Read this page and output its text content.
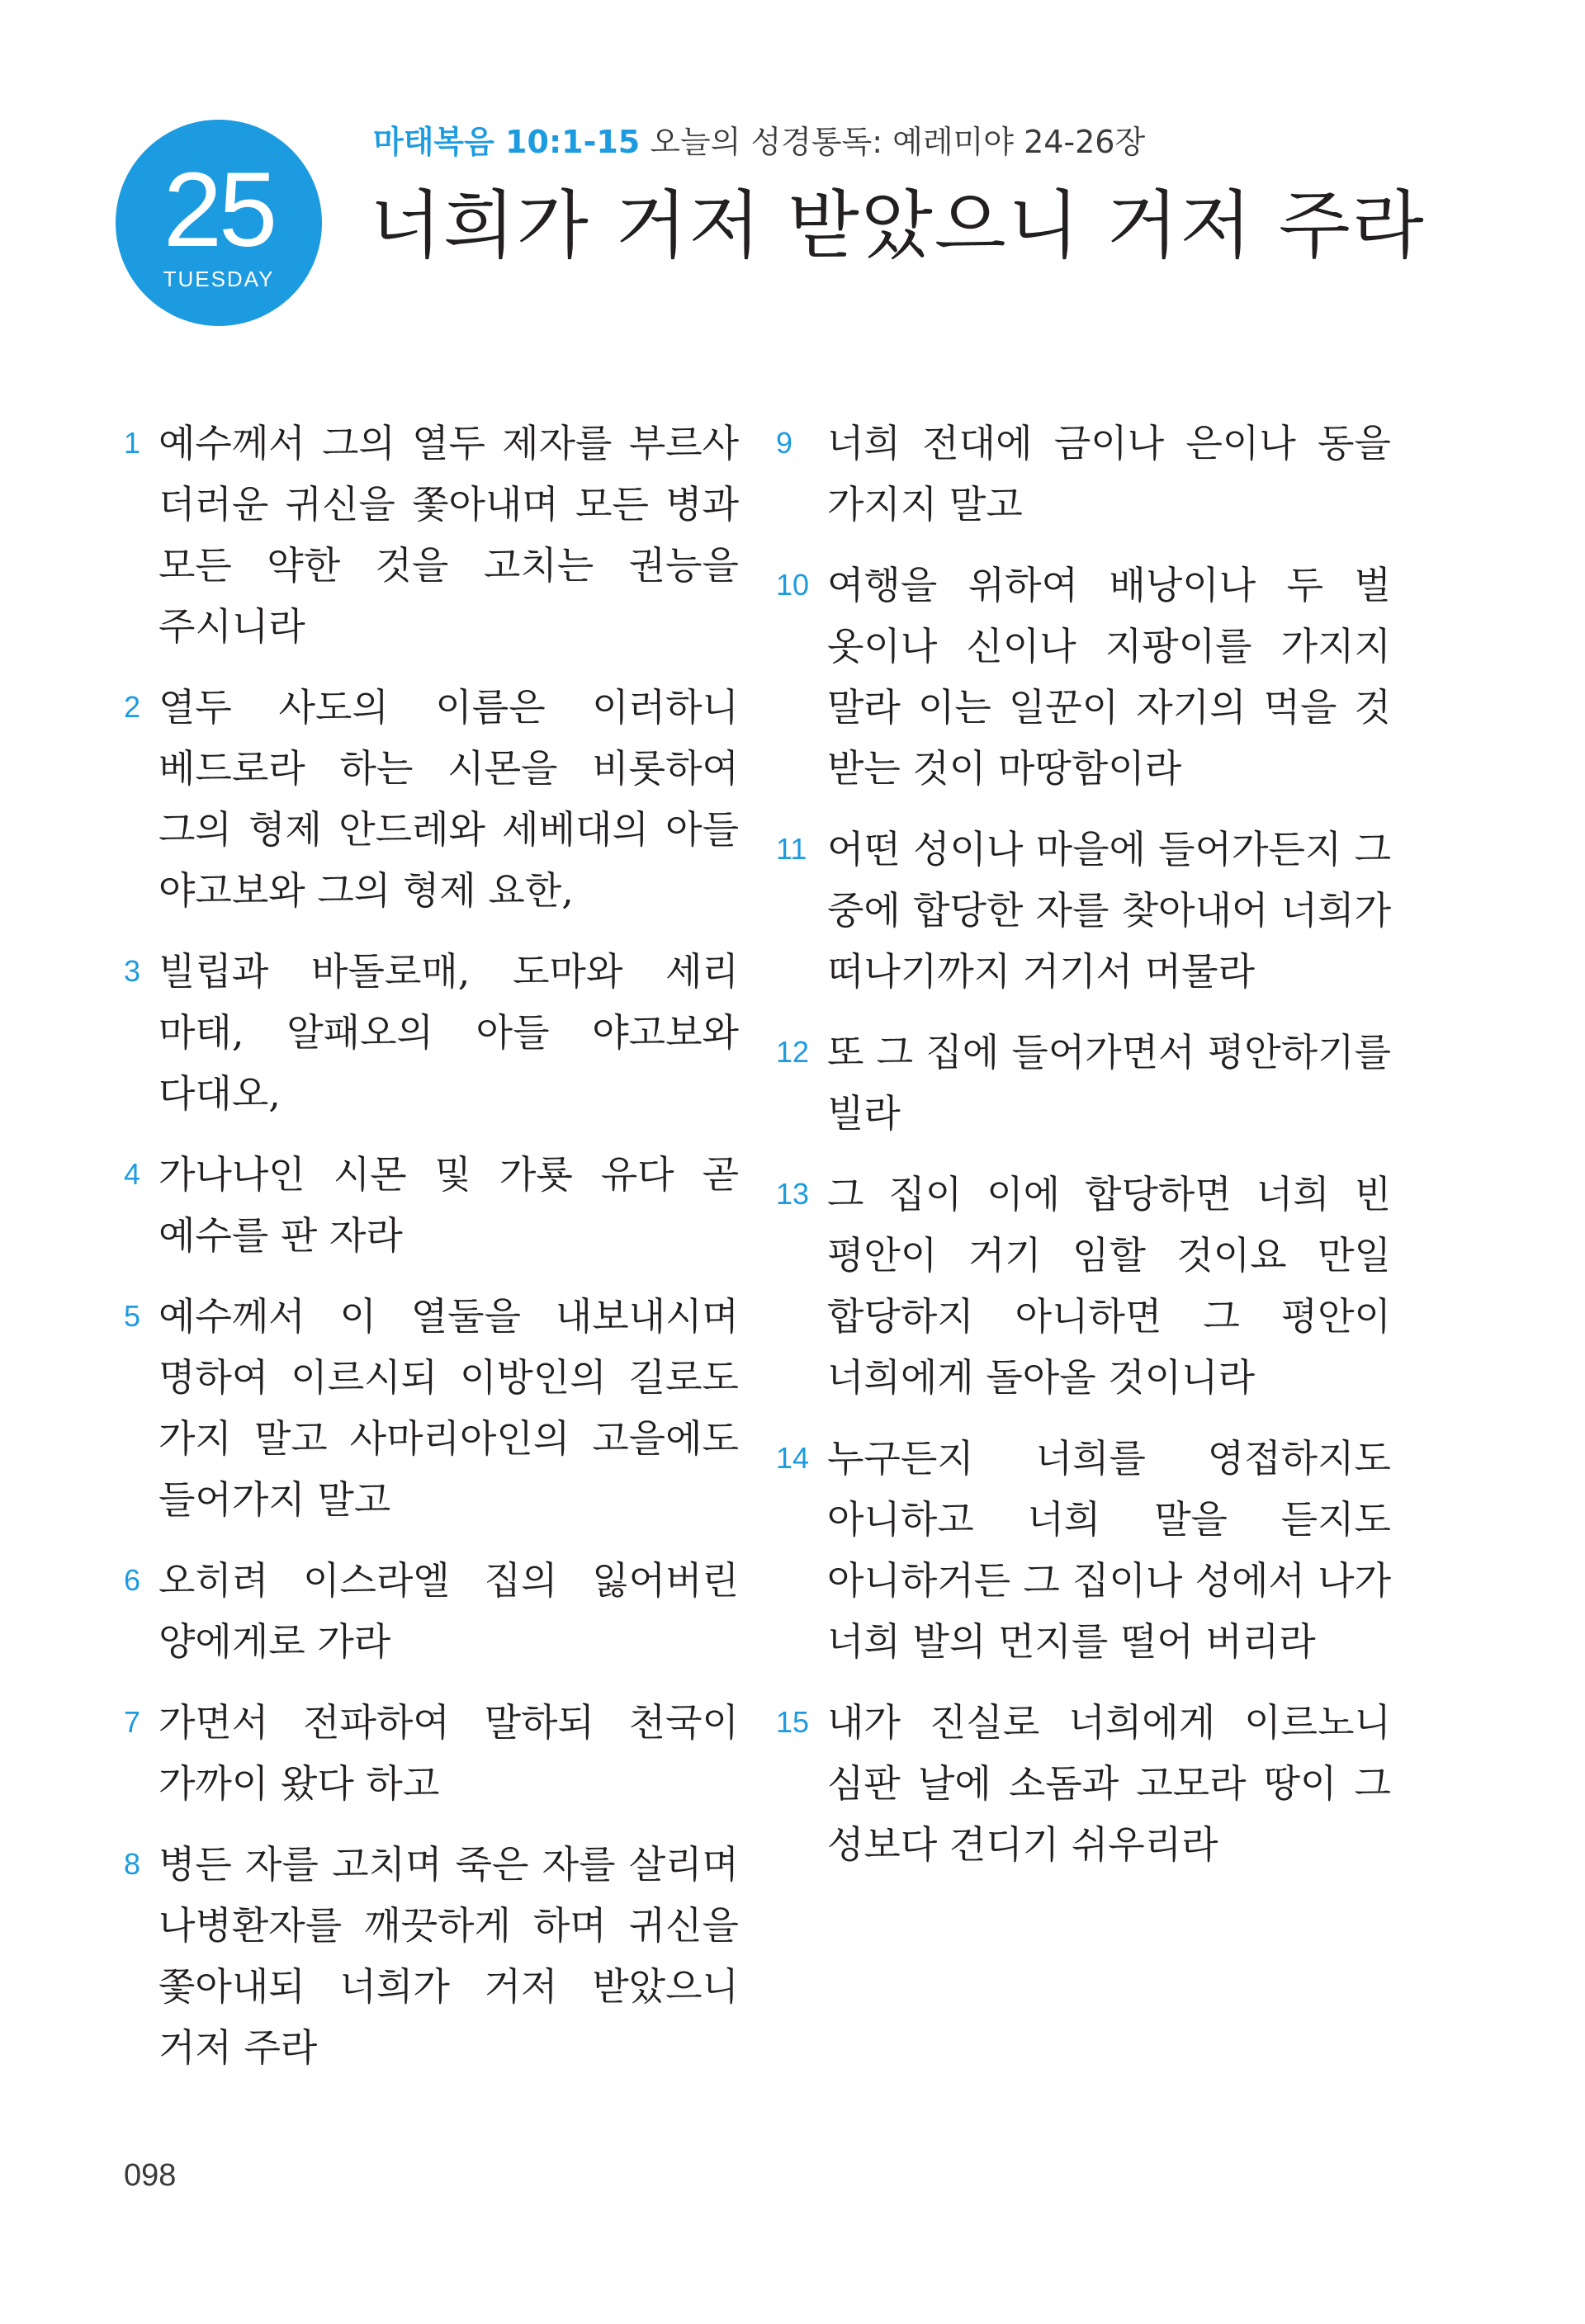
25
TUESDAY
마태복음 10:1-15 오늘의 성경통독: 예레미야 24-26장
너희가 거저 받았으니 거저 주라
1 예수께서 그의 열두 제자를 부르사 더러운 귀신을 쫓아내며 모든 병과 모든 약한 것을 고치는 권능을 주시니라
2 열두 사도의 이름은 이러하니 베드로라 하는 시몬을 비롯하여 그의 형제 안드레와 세베대의 아들 야고보와 그의 형제 요한,
3 빌립과 바돌로매, 도마와 세리 마태, 알패오의 아들 야고보와 다대오,
4 가나나인 시몬 및 가룟 유다 곧 예수를 판 자라
5 예수께서 이 열둘을 내보내시며 명하여 이르시되 이방인의 길로도 가지 말고 사마리아인의 고을에도 들어가지 말고
6 오히려 이스라엘 집의 잃어버린 양에게로 가라
7 가면서 전파하여 말하되 천국이 가까이 왔다 하고
8 병든 자를 고치며 죽은 자를 살리며 나병환자를 깨끗하게 하며 귀신을 쫓아내되 너희가 거저 받았으니 거저 주라
9 너희 전대에 금이나 은이나 동을 가지지 말고
10 여행을 위하여 배낭이나 두 벌 옷이나 신이나 지팡이를 가지지 말라 이는 일꾼이 자기의 먹을 것 받는 것이 마땅함이라
11 어떤 성이나 마을에 들어가든지 그 중에 합당한 자를 찾아내어 너희가 떠나기까지 거기서 머물라
12 또 그 집에 들어가면서 평안하기를 빌라
13 그 집이 이에 합당하면 너희 빈 평안이 거기 임할 것이요 만일 합당하지 아니하면 그 평안이 너희에게 돌아올 것이니라
14 누구든지 너희를 영접하지도 아니하고 너희 말을 듣지도 아니하거든 그 집이나 성에서 나가 너희 발의 먼지를 떨어 버리라
15 내가 진실로 너희에게 이르노니 심판 날에 소돔과 고모라 땅이 그 성보다 견디기 쉬우리라
098
